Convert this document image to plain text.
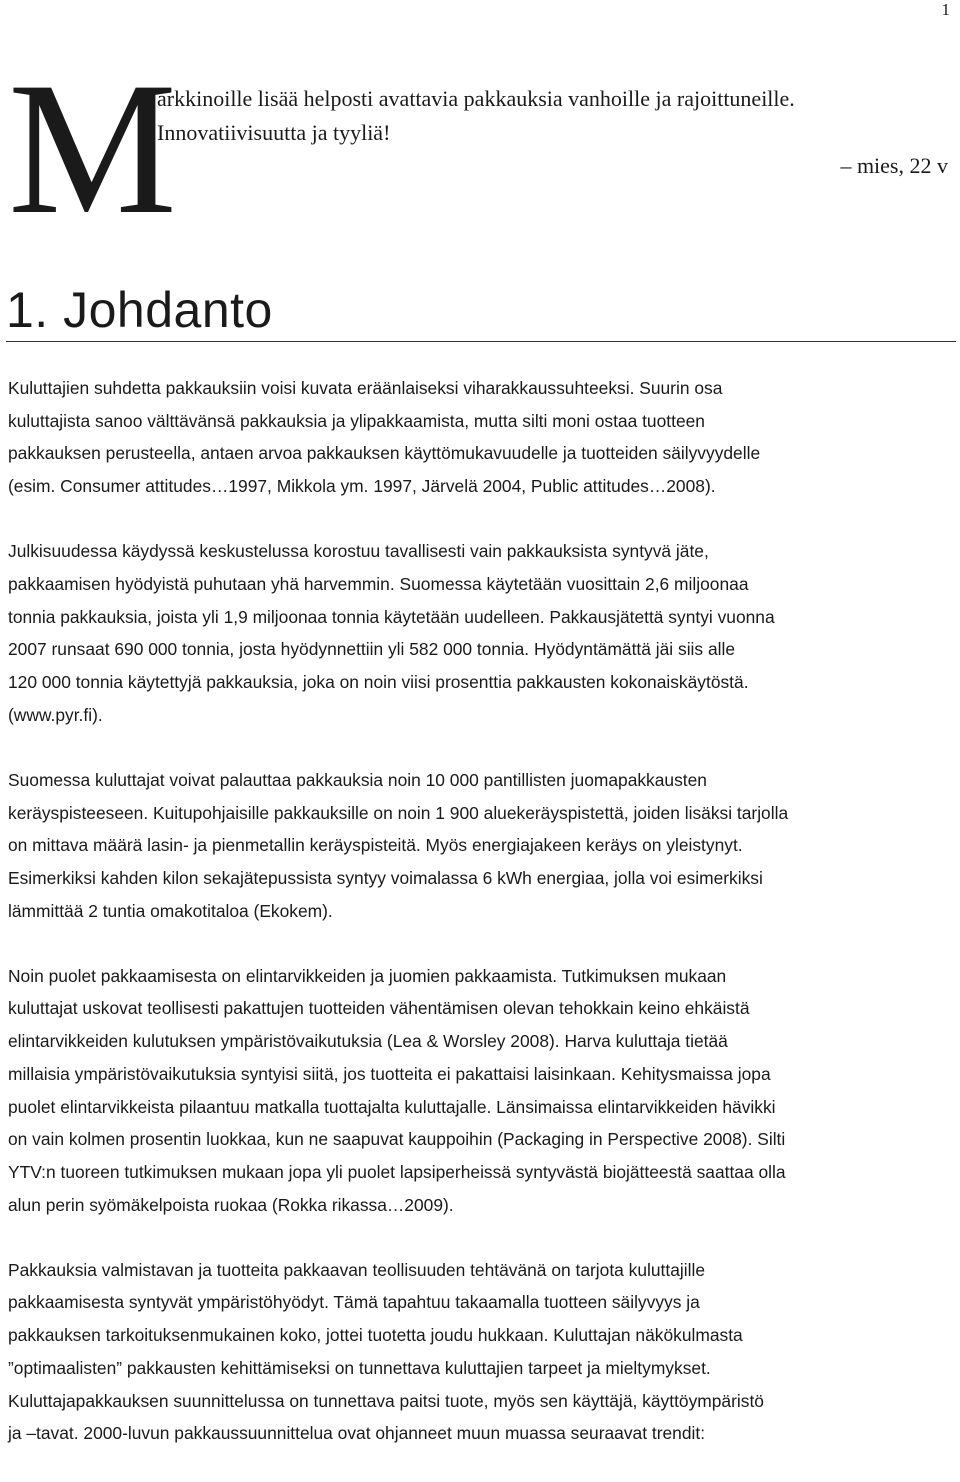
1
M
arkkinoille lisää helposti avattavia pakkauksia vanhoille ja rajoittuneille.
Innovatiivisuutta ja tyyliä!
– mies, 22 v
1. Johdanto

Kuluttajien suhdetta pakkauksiin voisi kuvata eräänlaiseksi viharakkaussuhteeksi. Suurin osa
kuluttajista sanoo välttävänsä pakkauksia ja ylipakkaamista, mutta silti moni ostaa tuotteen
pakkauksen perusteella, antaen arvoa pakkauksen käyttömukavuudelle ja tuotteiden säilyvyydelle
(esim. Consumer attitudes…1997, Mikkola ym. 1997, Järvelä 2004, Public attitudes…2008).

Julkisuudessa käydyssä keskustelussa korostuu tavallisesti vain pakkauksista syntyvä jäte,
pakkaamisen hyödyistä puhutaan yhä harvemmin. Suomessa käytetään vuosittain 2,6 miljoonaa
tonnia pakkauksia, joista yli 1,9 miljoonaa tonnia käytetään uudelleen. Pakkausjätettä syntyi vuonna
2007 runsaat 690 000 tonnia, josta hyödynnettiin yli 582 000 tonnia. Hyödyntämättä jäi siis alle
120 000 tonnia käytettyjä pakkauksia, joka on noin viisi prosenttia pakkausten kokonaiskäytöstä.
(www.pyr.fi).

Suomessa kuluttajat voivat palauttaa pakkauksia noin 10 000 pantillisten juomapakkausten
keräyspisteeseen. Kuitupohjaisille pakkauksille on noin 1 900 aluekeräyspistettä, joiden lisäksi tarjolla
on mittava määrä lasin- ja pienmetallin keräyspisteitä. Myös energiajakeen keräys on yleistynyt.
Esimerkiksi kahden kilon sekajätepussista syntyy voimalassa 6 kWh energiaa, jolla voi esimerkiksi
lämmittää 2 tuntia omakotitaloa (Ekokem).

Noin puolet pakkaamisesta on elintarvikkeiden ja juomien pakkaamista. Tutkimuksen mukaan
kuluttajat uskovat teollisesti pakattujen tuotteiden vähentämisen olevan tehokkain keino ehkäistä
elintarvikkeiden kulutuksen ympäristövaikutuksia (Lea & Worsley 2008). Harva kuluttaja tietää
millaisia ympäristövaikutuksia syntyisi siitä, jos tuotteita ei pakattaisi laisinkaan. Kehitysmaissa jopa
puolet elintarvikkeista pilaantuu matkalla tuottajalta kuluttajalle. Länsimaissa elintarvikkeiden hävikki
on vain kolmen prosentin luokkaa, kun ne saapuvat kauppoihin (Packaging in Perspective 2008). Silti
YTV:n tuoreen tutkimuksen mukaan jopa yli puolet lapsiperheissä syntyvästä biojätteestä saattaa olla
alun perin syömäkelpoista ruokaa (Rokka rikassa…2009).

Pakkauksia valmistavan ja tuotteita pakkaavan teollisuuden tehtävänä on tarjota kuluttajille
pakkaamisesta syntyvät ympäristöhyödyt. Tämä tapahtuu takaamalla tuotteen säilyvyys ja
pakkauksen tarkoituksenmukainen koko, jottei tuotetta joudu hukkaan. Kuluttajan näkökulmasta
”optimaalisten” pakkausten kehittämiseksi on tunnettava kuluttajien tarpeet ja mieltymykset.
Kuluttajapakkauksen suunnittelussa on tunnettava paitsi tuote, myös sen käyttäjä, käyttöympäristö
ja –tavat. 2000-luvun pakkaussuunnittelua ovat ohjanneet muun muassa seuraavat trendit:
